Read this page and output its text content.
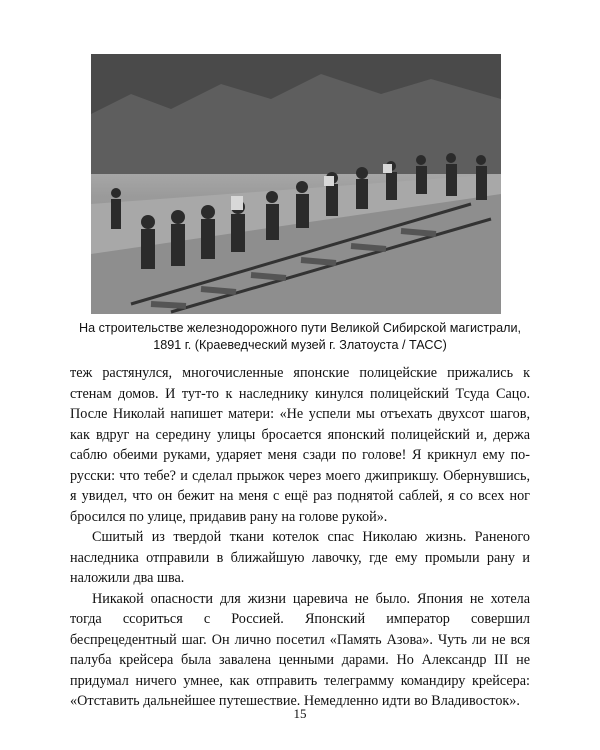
На строительстве железнодорожного пути Великой Сибирской магистрали,
1891 г. (Краеведческий музей г. Златоуста / ТАСС)

теж растянулся, многочисленные японские полицейские прижались к стенам домов. И тут-то к наследнику кинулся полицейский Тсуда Сацо. После Николай напишет матери: «Не успели мы отъехать двухсот шагов, как вдруг на середину улицы бросается японский полицейский и, держа саблю обеими руками, ударяет меня сзади по голове! Я крикнул ему по-русски: что тебе? и сделал прыжок через моего джиприкшу. Обернувшись, я увидел, что он бежит на меня с ещё раз поднятой саблей, я со всех ног бросился по улице, придавив рану на голове рукой».

Сшитый из твердой ткани котелок спас Николаю жизнь. Раненого наследника отправили в ближайшую лавочку, где ему промыли рану и наложили два шва.

Никакой опасности для жизни царевича не было. Япония не хотела тогда ссориться с Россией. Японский император совершил беспрецедентный шаг. Он лично посетил «Память Азова». Чуть ли не вся палуба крейсера была завалена ценными дарами. Но Александр III не придумал ничего умнее, как отправить телеграмму командиру крейсера: «Отставить дальнейшее путешествие. Немедленно идти во Владивосток».

15
